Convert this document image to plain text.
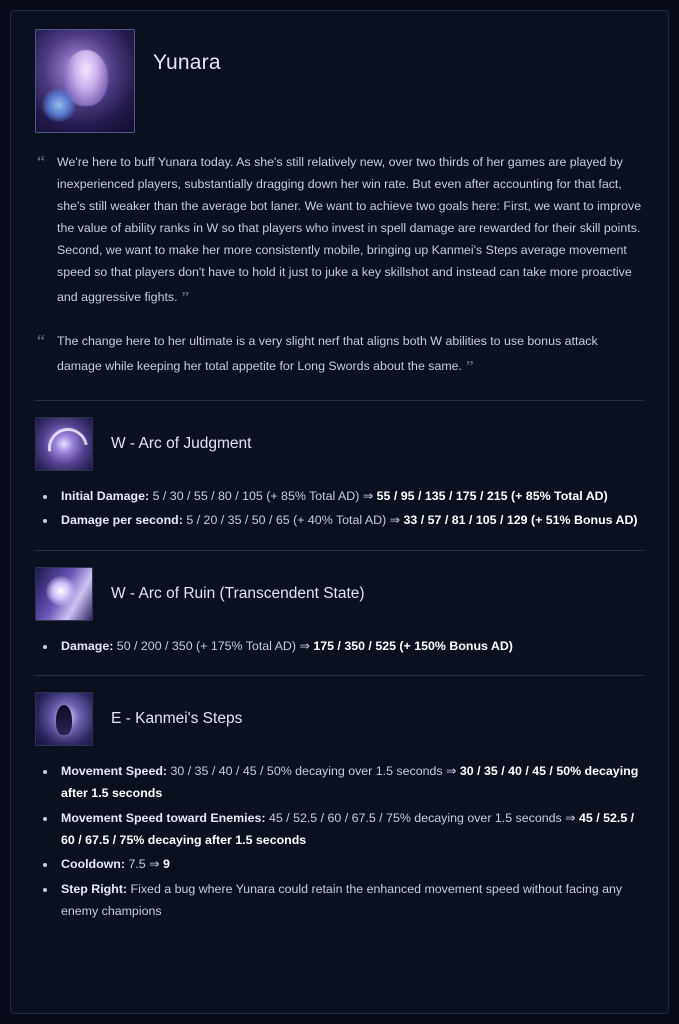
Yunara
“ We're here to buff Yunara today. As she's still relatively new, over two thirds of her games are played by inexperienced players, substantially dragging down her win rate. But even after accounting for that fact, she's still weaker than the average bot laner. We want to achieve two goals here: First, we want to improve the value of ability ranks in W so that players who invest in spell damage are rewarded for their skill points. Second, we want to make her more consistently mobile, bringing up Kanmei's Steps average movement speed so that players don't have to hold it just to juke a key skillshot and instead can take more proactive and aggressive fights. ”
“ The change here to her ultimate is a very slight nerf that aligns both W abilities to use bonus attack damage while keeping her total appetite for Long Swords about the same. ”
W - Arc of Judgment
• Initial Damage: 5 / 30 / 55 / 80 / 105 (+ 85% Total AD) ⇒ 55 / 95 / 135 / 175 / 215 (+ 85% Total AD)
• Damage per second: 5 / 20 / 35 / 50 / 65 (+ 40% Total AD) ⇒ 33 / 57 / 81 / 105 / 129 (+ 51% Bonus AD)
W - Arc of Ruin (Transcendent State)
• Damage: 50 / 200 / 350 (+ 175% Total AD) ⇒ 175 / 350 / 525 (+ 150% Bonus AD)
E - Kanmei's Steps
• Movement Speed: 30 / 35 / 40 / 45 / 50% decaying over 1.5 seconds ⇒ 30 / 35 / 40 / 45 / 50% decaying after 1.5 seconds
• Movement Speed toward Enemies: 45 / 52.5 / 60 / 67.5 / 75% decaying over 1.5 seconds ⇒ 45 / 52.5 / 60 / 67.5 / 75% decaying after 1.5 seconds
• Cooldown: 7.5 ⇒ 9
• Step Right: Fixed a bug where Yunara could retain the enhanced movement speed without facing any enemy champions
